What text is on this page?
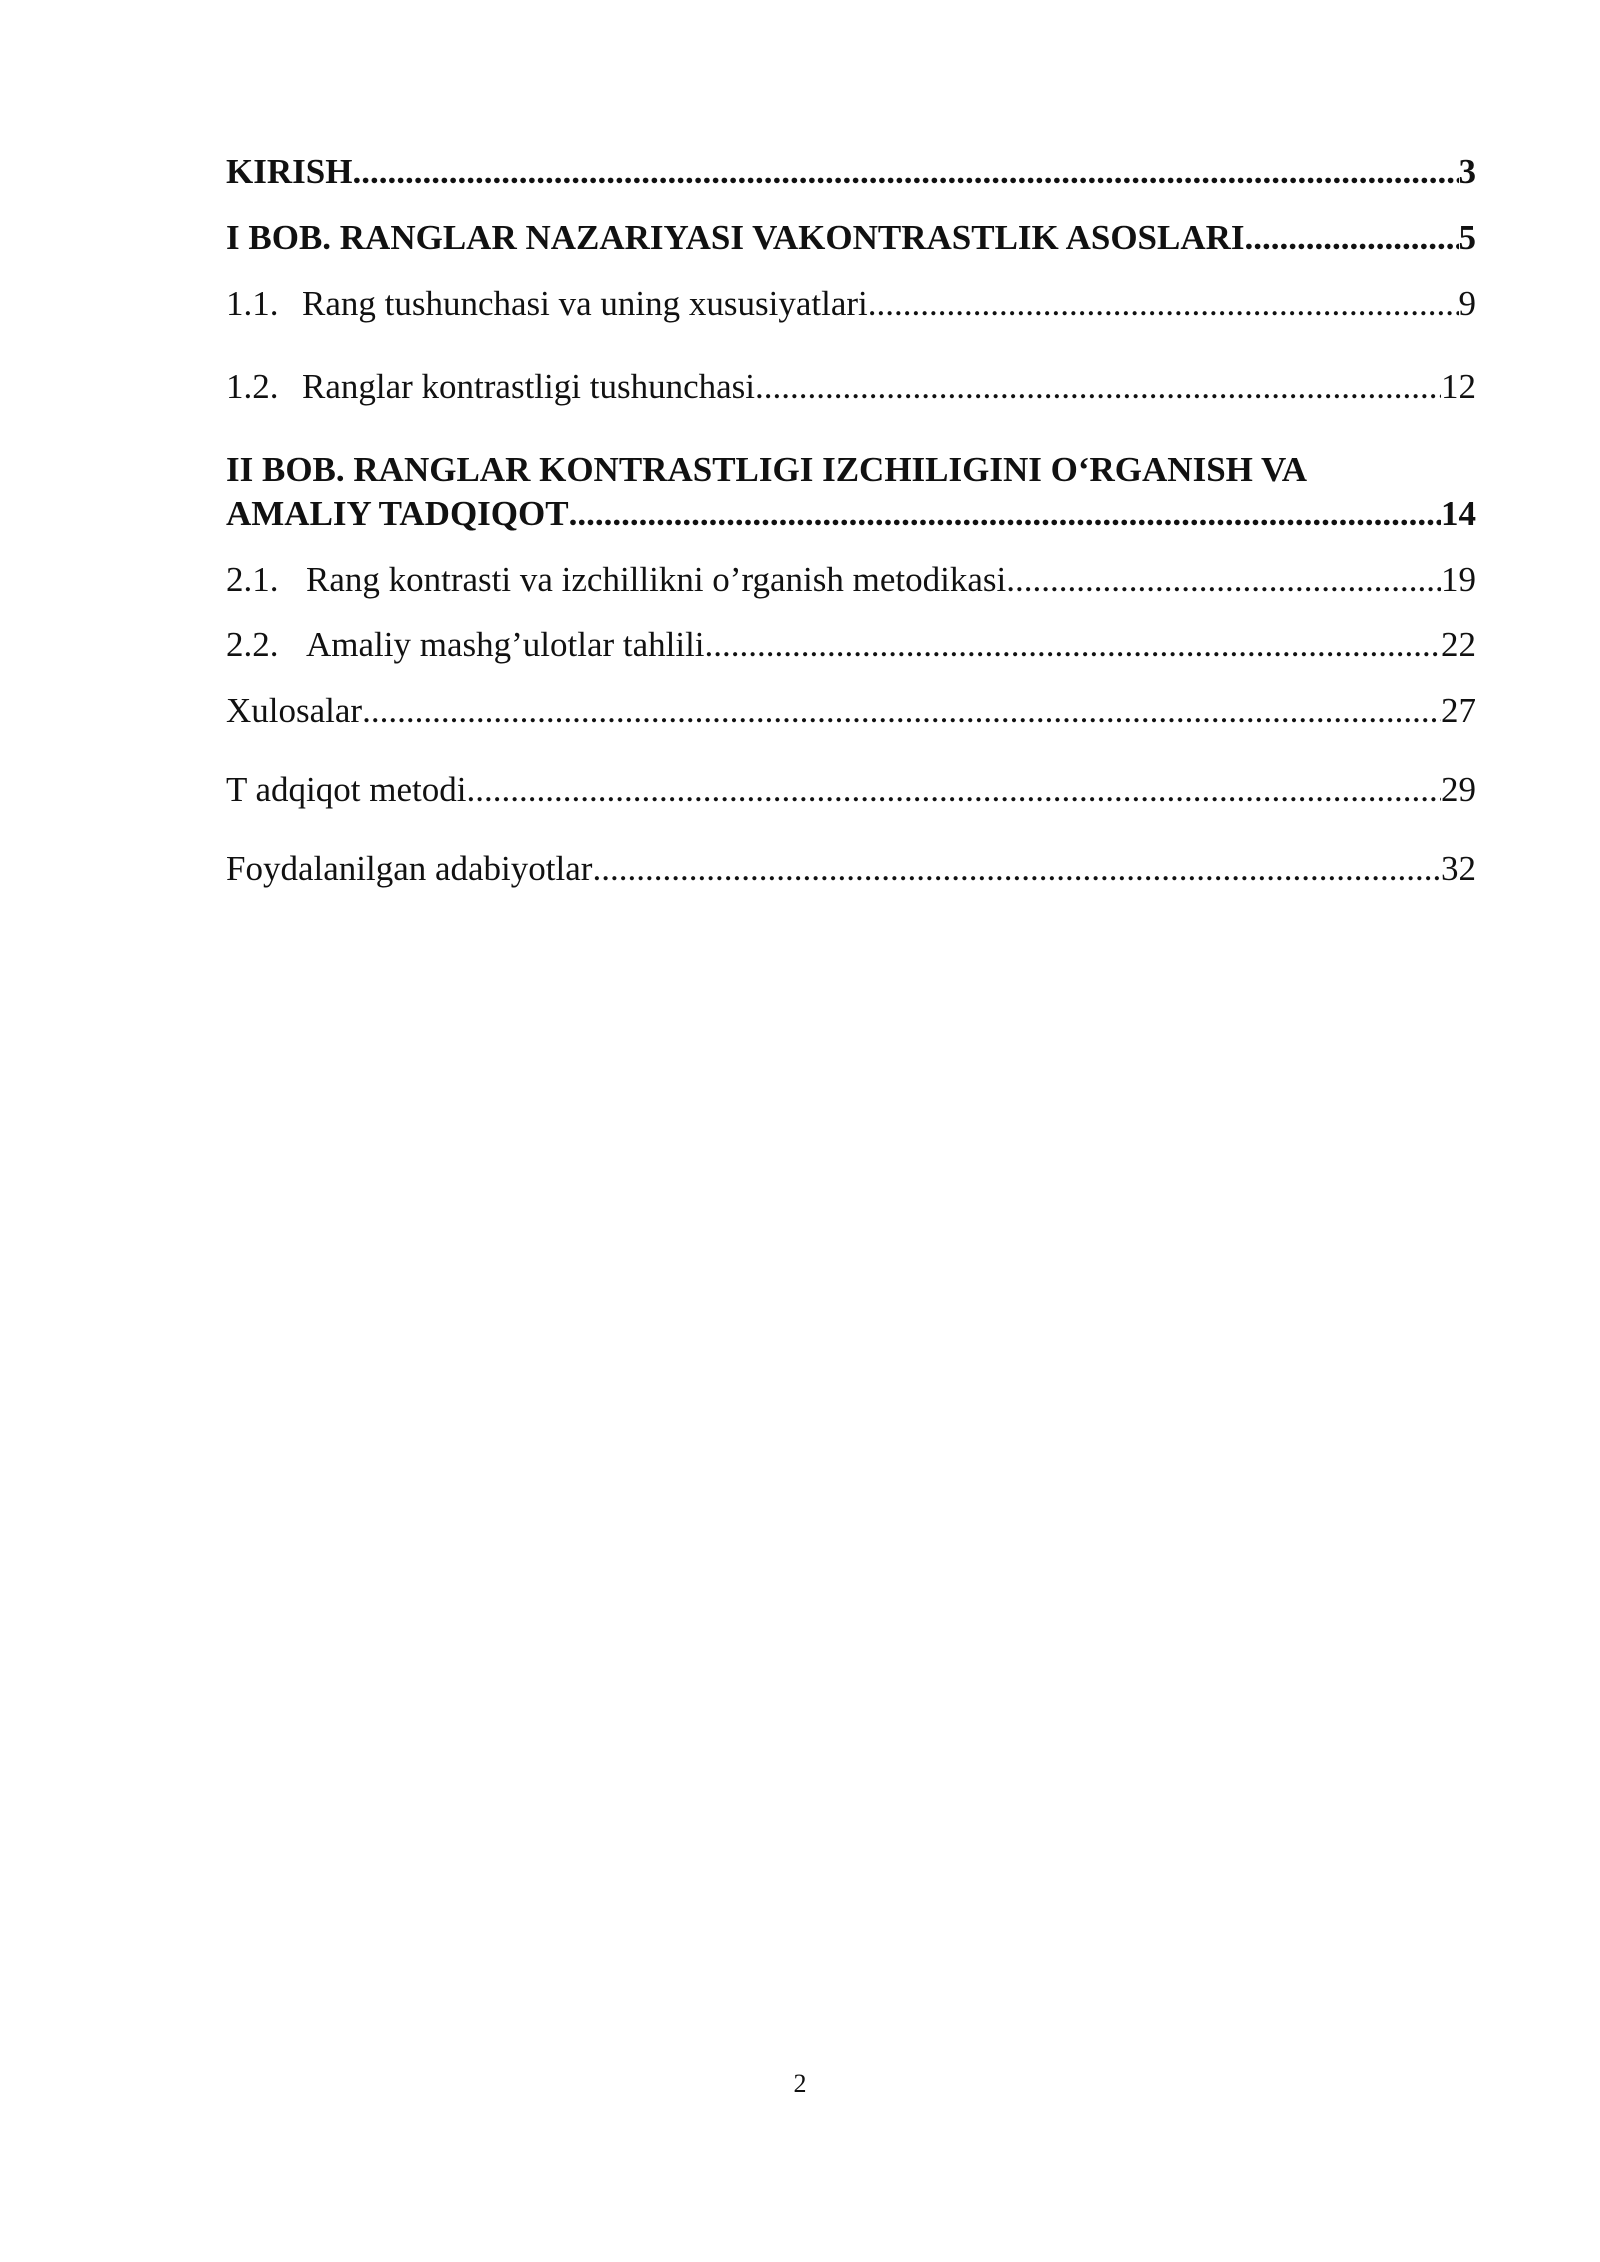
KIRISH .....	3
I BOB. RANGLAR NAZARIYASI VAKONTRASTLIK ASOSLARI .....	5
1.1. Rang tushunchasi va uning xususiyatlari .....	9
1.2. Ranglar kontrastligi tushunchasi .....	12
II BOB. RANGLAR KONTRASTLIGI IZCHILIGINI O‘RGANISH VA
AMALIY TADQIQOT .....	14
2.1. Rang kontrasti va izchillikni o’rganish metodikasi .....	19
2.2. Amaliy mashg’ulotlar tahlili .....	22
Xulosalar .....	27
T adqiqot metodi .....	29
Foydalanilgan adabiyotlar .....	32
2
